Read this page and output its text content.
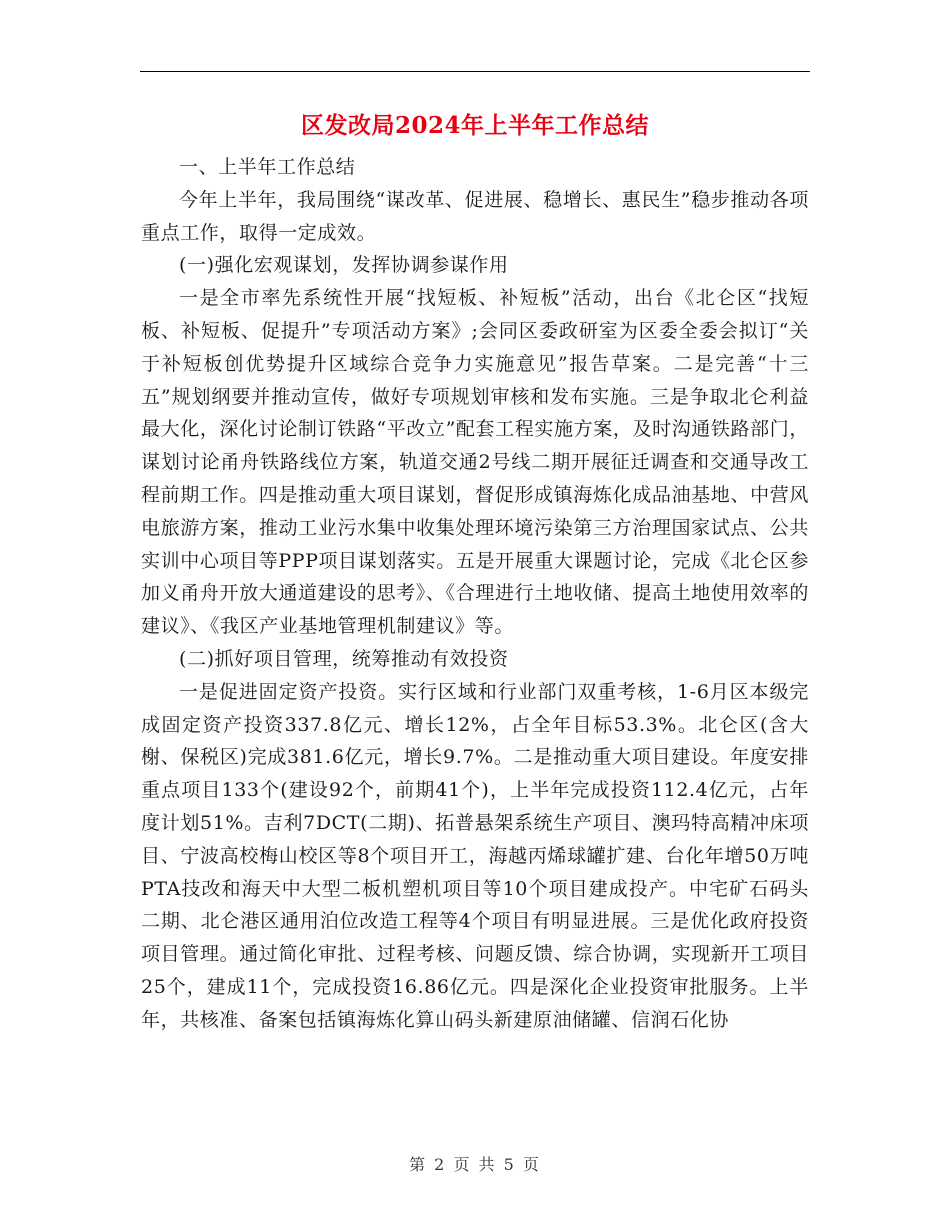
区发改局2024年上半年工作总结

一、上半年工作总结

今年上半年，我局围绕“谋改革、促进展、稳增长、惠民生”稳步推动各项重点工作，取得一定成效。

(一)强化宏观谋划，发挥协调参谋作用

一是全市率先系统性开展“找短板、补短板”活动，出台《北仑区“找短板、补短板、促提升”专项活动方案》;会同区委政研室为区委全委会拟订“关于补短板创优势提升区域综合竞争力实施意见”报告草案。二是完善“十三五”规划纲要并推动宣传，做好专项规划审核和发布实施。三是争取北仑利益最大化，深化讨论制订铁路“平改立”配套工程实施方案，及时沟通铁路部门，谋划讨论甬舟铁路线位方案，轨道交通2号线二期开展征迁调查和交通导改工程前期工作。四是推动重大项目谋划，督促形成镇海炼化成品油基地、中营风电旅游方案，推动工业污水集中收集处理环境污染第三方治理国家试点、公共实训中心项目等PPP项目谋划落实。五是开展重大课题讨论，完成《北仑区参加义甬舟开放大通道建设的思考》、《合理进行土地收储、提高土地使用效率的建议》、《我区产业基地管理机制建议》等。

(二)抓好项目管理，统筹推动有效投资

一是促进固定资产投资。实行区域和行业部门双重考核，1-6月区本级完成固定资产投资337.8亿元、增长12%，占全年目标53.3%。北仑区(含大榭、保税区)完成381.6亿元，增长9.7%。二是推动重大项目建设。年度安排重点项目133个(建设92个，前期41个)，上半年完成投资112.4亿元，占年度计划51%。吉利7DCT(二期)、拓普悬架系统生产项目、澳玛特高精冲床项目、宁波高校梅山校区等8个项目开工，海越丙烯球罐扩建、台化年增50万吨PTA技改和海天中大型二板机塑机项目等10个项目建成投产。中宅矿石码头二期、北仑港区通用泊位改造工程等4个项目有明显进展。三是优化政府投资项目管理。通过简化审批、过程考核、问题反馈、综合协调，实现新开工项目25个，建成11个，完成投资16.86亿元。四是深化企业投资审批服务。上半年，共核准、备案包括镇海炼化算山码头新建原油储罐、信润石化协

第 2 页 共 5 页
